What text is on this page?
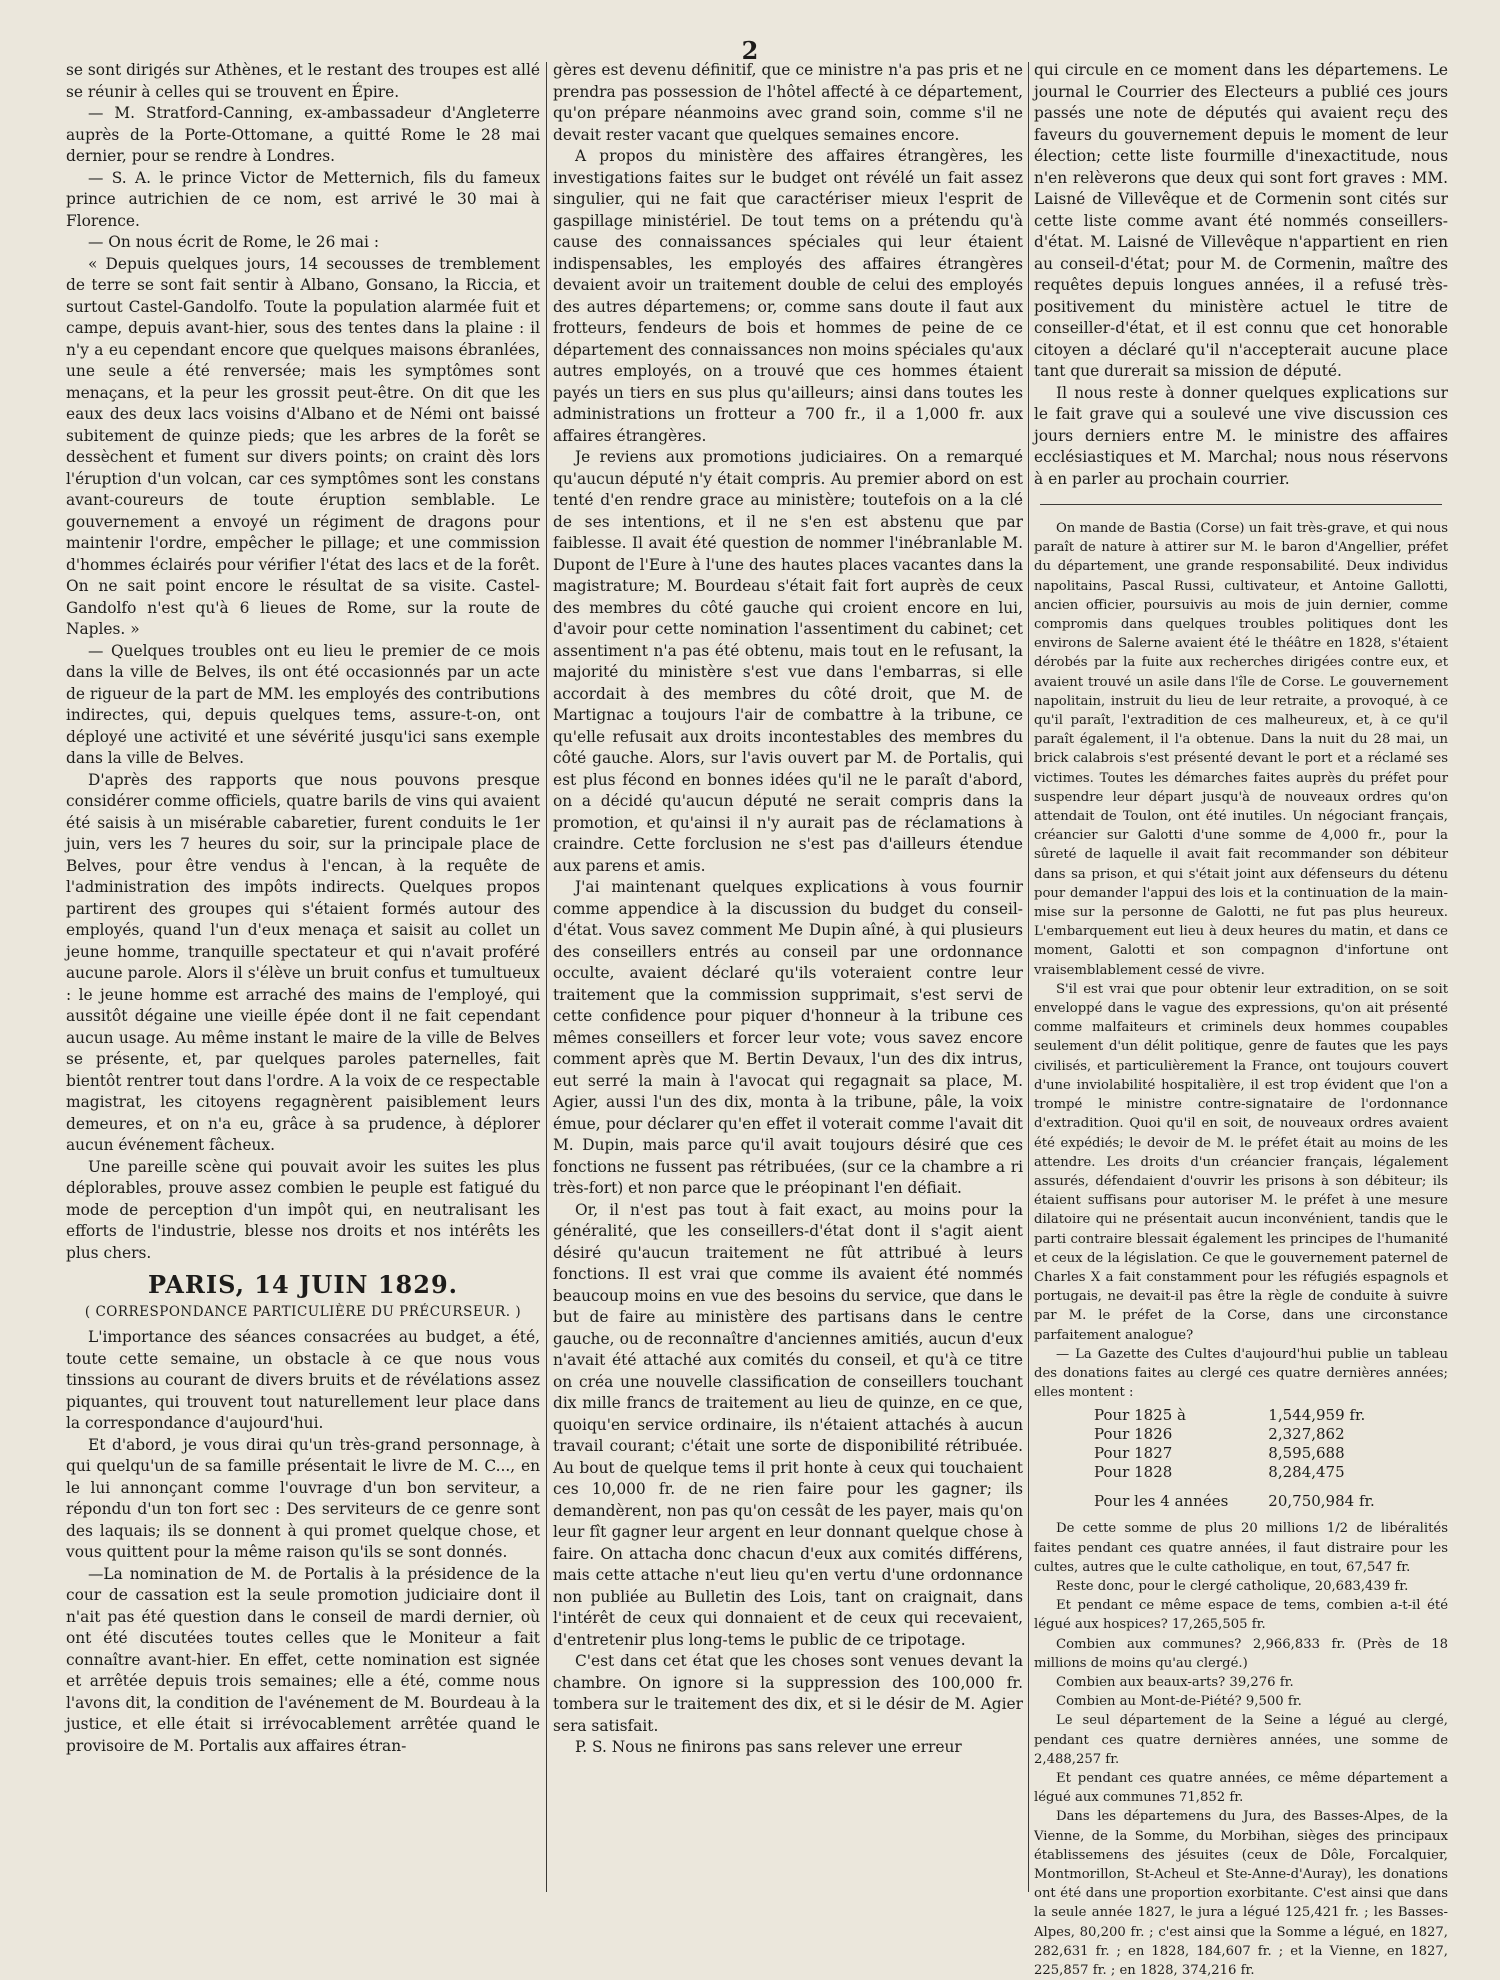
2

se sont dirigés sur Athènes, et le restant des troupes est allé se réunir à celles qui se trouvent en Épire.

— M. Stratford-Canning, ex-ambassadeur d'Angleterre auprès de la Porte-Ottomane, a quitté Rome le 28 mai dernier, pour se rendre à Londres.

— S. A. le prince Victor de Metternich, fils du fameux prince autrichien de ce nom, est arrivé le 30 mai à Florence.

— On nous écrit de Rome, le 26 mai :

« Depuis quelques jours, 14 secousses de tremblement de terre se sont fait sentir à Albano, Gonsano, la Riccia, et surtout Castel-Gandolfo. Toute la population alarmée fuit et campe, depuis avant-hier, sous des tentes dans la plaine : il n'y a eu cependant encore que quelques maisons ébranlées, une seule a été renversée; mais les symptômes sont menaçans, et la peur les grossit peut-être. On dit que les eaux des deux lacs voisins d'Albano et de Némi ont baissé subitement de quinze pieds; que les arbres de la forêt se dessèchent et fument sur divers points; on craint dès lors l'éruption d'un volcan, car ces symptômes sont les constans avant-coureurs de toute éruption semblable. Le gouvernement a envoyé un régiment de dragons pour maintenir l'ordre, empêcher le pillage; et une commission d'hommes éclairés pour vérifier l'état des lacs et de la forêt. On ne sait point encore le résultat de sa visite. Castel-Gandolfo n'est qu'à 6 lieues de Rome, sur la route de Naples. »

— Quelques troubles ont eu lieu le premier de ce mois dans la ville de Belves, ils ont été occasionnés par un acte de rigueur de la part de MM. les employés des contributions indirectes, qui, depuis quelques tems, assure-t-on, ont déployé une activité et une sévérité jusqu'ici sans exemple dans la ville de Belves.

D'après des rapports que nous pouvons presque considérer comme officiels, quatre barils de vins qui avaient été saisis à un misérable cabaretier, furent conduits le 1er juin, vers les 7 heures du soir, sur la principale place de Belves, pour être vendus à l'encan, à la requête de l'administration des impôts indirects. Quelques propos partirent des groupes qui s'étaient formés autour des employés, quand l'un d'eux menaça et saisit au collet un jeune homme, tranquille spectateur et qui n'avait proféré aucune parole. Alors il s'élève un bruit confus et tumultueux : le jeune homme est arraché des mains de l'employé, qui aussitôt dégaine une vieille épée dont il ne fait cependant aucun usage. Au même instant le maire de la ville de Belves se présente, et, par quelques paroles paternelles, fait bientôt rentrer tout dans l'ordre. A la voix de ce respectable magistrat, les citoyens regagnèrent paisiblement leurs demeures, et on n'a eu, grâce à sa prudence, à déplorer aucun événement fâcheux.

Une pareille scène qui pouvait avoir les suites les plus déplorables, prouve assez combien le peuple est fatigué du mode de perception d'un impôt qui, en neutralisant les efforts de l'industrie, blesse nos droits et nos intérêts les plus chers.

PARIS, 14 JUIN 1829.
( CORRESPONDANCE PARTICULIÈRE DU PRÉCURSEUR. )

L'importance des séances consacrées au budget, a été, toute cette semaine, un obstacle à ce que nous vous tinssions au courant de divers bruits et de révélations assez piquantes, qui trouvent tout naturellement leur place dans la correspondance d'aujourd'hui.

Et d'abord, je vous dirai qu'un très-grand personnage, à qui quelqu'un de sa famille présentait le livre de M. C..., en le lui annonçant comme l'ouvrage d'un bon serviteur, a répondu d'un ton fort sec : Des serviteurs de ce genre sont des laquais; ils se donnent à qui promet quelque chose, et vous quittent pour la même raison qu'ils se sont donnés.

—La nomination de M. de Portalis à la présidence de la cour de cassation est la seule promotion judiciaire dont il n'ait pas été question dans le conseil de mardi dernier, où ont été discutées toutes celles que le Moniteur a fait connaître avant-hier. En effet, cette nomination est signée et arrêtée depuis trois semaines; elle a été, comme nous l'avons dit, la condition de l'avénement de M. Bourdeau à la justice, et elle était si irrévocablement arrêtée quand le provisoire de M. Portalis aux affaires étran-

gères est devenu définitif, que ce ministre n'a pas pris et ne prendra pas possession de l'hôtel affecté à ce département, qu'on prépare néanmoins avec grand soin, comme s'il ne devait rester vacant que quelques semaines encore.

A propos du ministère des affaires étrangères, les investigations faites sur le budget ont révélé un fait assez singulier, qui ne fait que caractériser mieux l'esprit de gaspillage ministériel. De tout tems on a prétendu qu'à cause des connaissances spéciales qui leur étaient indispensables, les employés des affaires étrangères devaient avoir un traitement double de celui des employés des autres départemens; or, comme sans doute il faut aux frotteurs, fendeurs de bois et hommes de peine de ce département des connaissances non moins spéciales qu'aux autres employés, on a trouvé que ces hommes étaient payés un tiers en sus plus qu'ailleurs; ainsi dans toutes les administrations un frotteur a 700 fr., il a 1,000 fr. aux affaires étrangères.

Je reviens aux promotions judiciaires. On a remarqué qu'aucun député n'y était compris. Au premier abord on est tenté d'en rendre grace au ministère; toutefois on a la clé de ses intentions, et il ne s'en est abstenu que par faiblesse. Il avait été question de nommer l'inébranlable M. Dupont de l'Eure à l'une des hautes places vacantes dans la magistrature; M. Bourdeau s'était fait fort auprès de ceux des membres du côté gauche qui croient encore en lui, d'avoir pour cette nomination l'assentiment du cabinet; cet assentiment n'a pas été obtenu, mais tout en le refusant, la majorité du ministère s'est vue dans l'embarras, si elle accordait à des membres du côté droit, que M. de Martignac a toujours l'air de combattre à la tribune, ce qu'elle refusait aux droits incontestables des membres du côté gauche. Alors, sur l'avis ouvert par M. de Portalis, qui est plus fécond en bonnes idées qu'il ne le paraît d'abord, on a décidé qu'aucun député ne serait compris dans la promotion, et qu'ainsi il n'y aurait pas de réclamations à craindre. Cette forclusion ne s'est pas d'ailleurs étendue aux parens et amis.

J'ai maintenant quelques explications à vous fournir comme appendice à la discussion du budget du conseil-d'état. Vous savez comment Me Dupin aîné, à qui plusieurs des conseillers entrés au conseil par une ordonnance occulte, avaient déclaré qu'ils voteraient contre leur traitement que la commission supprimait, s'est servi de cette confidence pour piquer d'honneur à la tribune ces mêmes conseillers et forcer leur vote; vous savez encore comment après que M. Bertin Devaux, l'un des dix intrus, eut serré la main à l'avocat qui regagnait sa place, M. Agier, aussi l'un des dix, monta à la tribune, pâle, la voix émue, pour déclarer qu'en effet il voterait comme l'avait dit M. Dupin, mais parce qu'il avait toujours désiré que ces fonctions ne fussent pas rétribuées, (sur ce la chambre a ri très-fort) et non parce que le préopinant l'en défiait.

Or, il n'est pas tout à fait exact, au moins pour la généralité, que les conseillers-d'état dont il s'agit aient désiré qu'aucun traitement ne fût attribué à leurs fonctions. Il est vrai que comme ils avaient été nommés beaucoup moins en vue des besoins du service, que dans le but de faire au ministère des partisans dans le centre gauche, ou de reconnaître d'anciennes amitiés, aucun d'eux n'avait été attaché aux comités du conseil, et qu'à ce titre on créa une nouvelle classification de conseillers touchant dix mille francs de traitement au lieu de quinze, en ce que, quoiqu'en service ordinaire, ils n'étaient attachés à aucun travail courant; c'était une sorte de disponibilité rétribuée. Au bout de quelque tems il prit honte à ceux qui touchaient ces 10,000 fr. de ne rien faire pour les gagner; ils demandèrent, non pas qu'on cessât de les payer, mais qu'on leur fît gagner leur argent en leur donnant quelque chose à faire. On attacha donc chacun d'eux aux comités différens, mais cette attache n'eut lieu qu'en vertu d'une ordonnance non publiée au Bulletin des Lois, tant on craignait, dans l'intérêt de ceux qui donnaient et de ceux qui recevaient, d'entretenir plus long-tems le public de ce tripotage.

C'est dans cet état que les choses sont venues devant la chambre. On ignore si la suppression des 100,000 fr. tombera sur le traitement des dix, et si le désir de M. Agier sera satisfait.

P. S. Nous ne finirons pas sans relever une erreur

qui circule en ce moment dans les départemens. Le journal le Courrier des Electeurs a publié ces jours passés une note de députés qui avaient reçu des faveurs du gouvernement depuis le moment de leur élection; cette liste fourmille d'inexactitude, nous n'en relèverons que deux qui sont fort graves : MM. Laisné de Villevêque et de Cormenin sont cités sur cette liste comme avant été nommés conseillers-d'état. M. Laisné de Villevêque n'appartient en rien au conseil-d'état; pour M. de Cormenin, maître des requêtes depuis longues années, il a refusé très-positivement du ministère actuel le titre de conseiller-d'état, et il est connu que cet honorable citoyen a déclaré qu'il n'accepterait aucune place tant que durerait sa mission de député.

Il nous reste à donner quelques explications sur le fait grave qui a soulevé une vive discussion ces jours derniers entre M. le ministre des affaires ecclésiastiques et M. Marchal; nous nous réservons à en parler au prochain courrier.

On mande de Bastia (Corse) un fait très-grave, et qui nous paraît de nature à attirer sur M. le baron d'Angellier, préfet du département, une grande responsabilité. Deux individus napolitains, Pascal Russi, cultivateur, et Antoine Gallotti, ancien officier, poursuivis au mois de juin dernier, comme compromis dans quelques troubles politiques dont les environs de Salerne avaient été le théâtre en 1828, s'étaient dérobés par la fuite aux recherches dirigées contre eux, et avaient trouvé un asile dans l'île de Corse. Le gouvernement napolitain, instruit du lieu de leur retraite, a provoqué, à ce qu'il paraît, l'extradition de ces malheureux, et, à ce qu'il paraît également, il l'a obtenue. Dans la nuit du 28 mai, un brick calabrois s'est présenté devant le port et a réclamé ses victimes. Toutes les démarches faites auprès du préfet pour suspendre leur départ jusqu'à de nouveaux ordres qu'on attendait de Toulon, ont été inutiles. Un négociant français, créancier sur Galotti d'une somme de 4,000 fr., pour la sûreté de laquelle il avait fait recommander son débiteur dans sa prison, et qui s'était joint aux défenseurs du détenu pour demander l'appui des lois et la continuation de la main-mise sur la personne de Galotti, ne fut pas plus heureux. L'embarquement eut lieu à deux heures du matin, et dans ce moment, Galotti et son compagnon d'infortune ont vraisemblablement cessé de vivre.

S'il est vrai que pour obtenir leur extradition, on se soit enveloppé dans le vague des expressions, qu'on ait présenté comme malfaiteurs et criminels deux hommes coupables seulement d'un délit politique, genre de fautes que les pays civilisés, et particulièrement la France, ont toujours couvert d'une inviolabilité hospitalière, il est trop évident que l'on a trompé le ministre contre-signataire de l'ordonnance d'extradition. Quoi qu'il en soit, de nouveaux ordres avaient été expédiés; le devoir de M. le préfet était au moins de les attendre. Les droits d'un créancier français, légalement assurés, défendaient d'ouvrir les prisons à son débiteur; ils étaient suffisans pour autoriser M. le préfet à une mesure dilatoire qui ne présentait aucun inconvénient, tandis que le parti contraire blessait également les principes de l'humanité et ceux de la législation. Ce que le gouvernement paternel de Charles X a fait constamment pour les réfugiés espagnols et portugais, ne devait-il pas être la règle de conduite à suivre par M. le préfet de la Corse, dans une circonstance parfaitement analogue?

— La Gazette des Cultes d'aujourd'hui publie un tableau des donations faites au clergé ces quatre dernières années; elles montent :

Pour 1825 à	1,544,959 fr.
Pour 1826	2,327,862
Pour 1827	8,595,688
Pour 1828	8,284,475
Pour les 4 années	20,750,984 fr.

De cette somme de plus 20 millions 1/2 de libéralités faites pendant ces quatre années, il faut distraire pour les cultes, autres que le culte catholique, en tout, 67,547 fr.

Reste donc, pour le clergé catholique, 20,683,439 fr.

Et pendant ce même espace de tems, combien a-t-il été légué aux hospices? 17,265,505 fr.

Combien aux communes? 2,966,833 fr. (Près de 18 millions de moins qu'au clergé.)

Combien aux beaux-arts? 39,276 fr.

Combien au Mont-de-Piété? 9,500 fr.

Le seul département de la Seine a légué au clergé, pendant ces quatre dernières années, une somme de 2,488,257 fr.

Et pendant ces quatre années, ce même département a légué aux communes 71,852 fr.

Dans les départemens du Jura, des Basses-Alpes, de la Vienne, de la Somme, du Morbihan, sièges des principaux établissemens des jésuites (ceux de Dôle, Forcalquier, Montmorillon, St-Acheul et Ste-Anne-d'Auray), les donations ont été dans une proportion exorbitante. C'est ainsi que dans la seule année 1827, le jura a légué 125,421 fr. ; les Basses-Alpes, 80,200 fr. ; c'est ainsi que la Somme a légué, en 1827, 282,631 fr. ; en 1828, 184,607 fr. ; et la Vienne, en 1827, 225,857 fr. ; en 1828, 374,216 fr.
